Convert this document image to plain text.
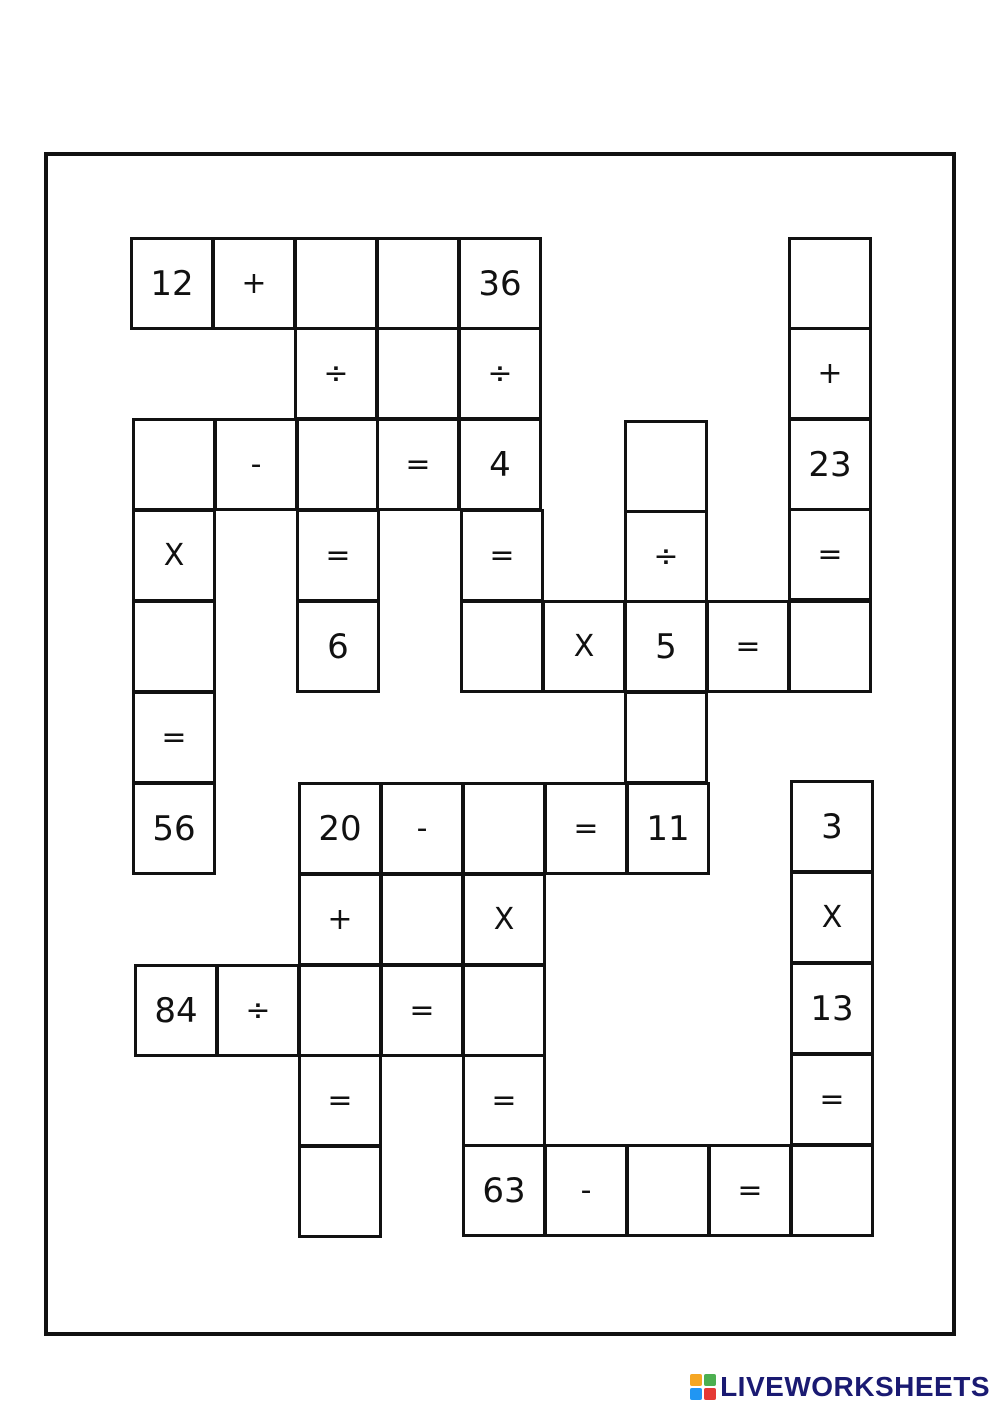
12	+	36
÷	÷	+
-	=	4	23
X	=	=	÷	=
6	X	5	=
=
56	20	-	=	11	3
+	X	X
84	÷	=	13
=	=	=
63	-	=
LIVEWORKSHEETS
